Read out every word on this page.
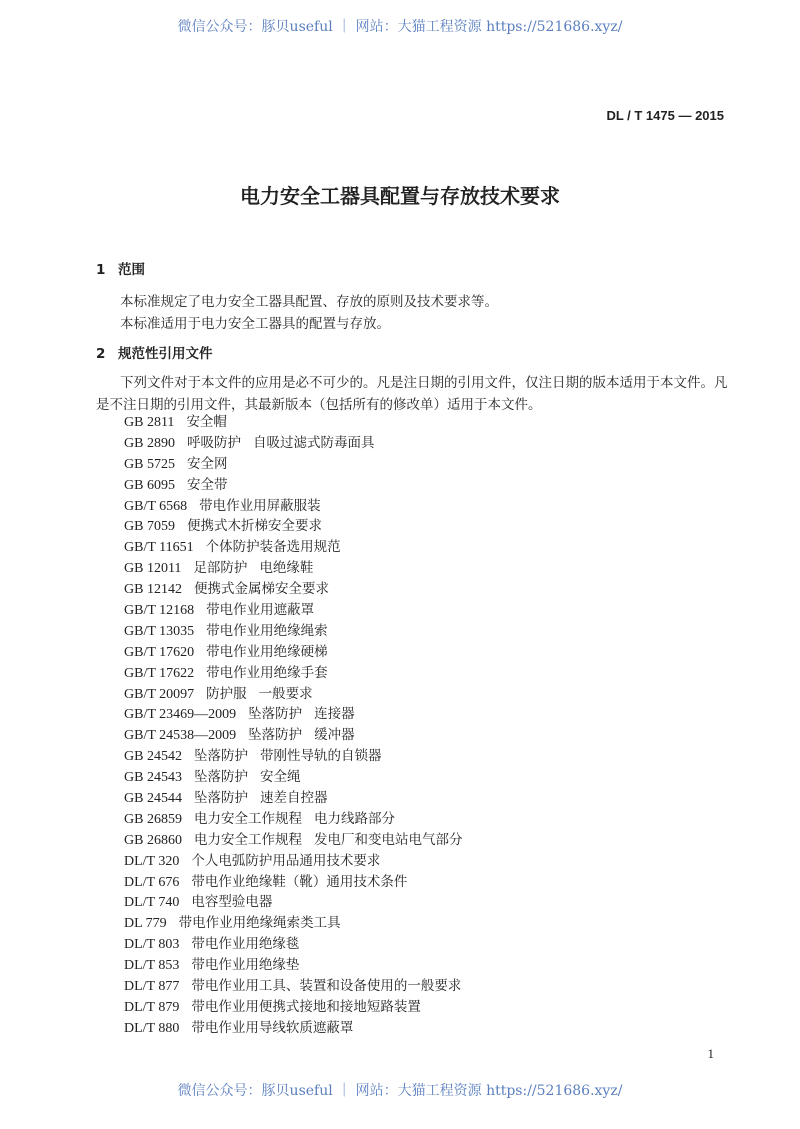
微信公众号：豚贝useful ｜ 网站：大猫工程资源 https://521686.xyz/
DL / T 1475 — 2015
电力安全工器具配置与存放技术要求
1 范围
本标准规定了电力安全工器具配置、存放的原则及技术要求等。
本标准适用于电力安全工器具的配置与存放。
2 规范性引用文件
下列文件对于本文件的应用是必不可少的。凡是注日期的引用文件，仅注日期的版本适用于本文件。凡是不注日期的引用文件，其最新版本（包括所有的修改单）适用于本文件。
GB 2811 安全帽
GB 2890 呼吸防护 自吸过滤式防毒面具
GB 5725 安全网
GB 6095 安全带
GB/T 6568 带电作业用屏蔽服装
GB 7059 便携式木折梯安全要求
GB/T 11651 个体防护装备选用规范
GB 12011 足部防护 电绝缘鞋
GB 12142 便携式金属梯安全要求
GB/T 12168 带电作业用遮蔽罩
GB/T 13035 带电作业用绝缘绳索
GB/T 17620 带电作业用绝缘硬梯
GB/T 17622 带电作业用绝缘手套
GB/T 20097 防护服 一般要求
GB/T 23469—2009 坠落防护 连接器
GB/T 24538—2009 坠落防护 缓冲器
GB 24542 坠落防护 带刚性导轨的自锁器
GB 24543 坠落防护 安全绳
GB 24544 坠落防护 速差自控器
GB 26859 电力安全工作规程 电力线路部分
GB 26860 电力安全工作规程 发电厂和变电站电气部分
DL/T 320 个人电弧防护用品通用技术要求
DL/T 676 带电作业绝缘鞋（靴）通用技术条件
DL/T 740 电容型验电器
DL 779 带电作业用绝缘绳索类工具
DL/T 803 带电作业用绝缘毯
DL/T 853 带电作业用绝缘垫
DL/T 877 带电作业用工具、装置和设备使用的一般要求
DL/T 879 带电作业用便携式接地和接地短路装置
DL/T 880 带电作业用导线软质遮蔽罩
1
微信公众号：豚贝useful ｜ 网站：大猫工程资源 https://521686.xyz/
